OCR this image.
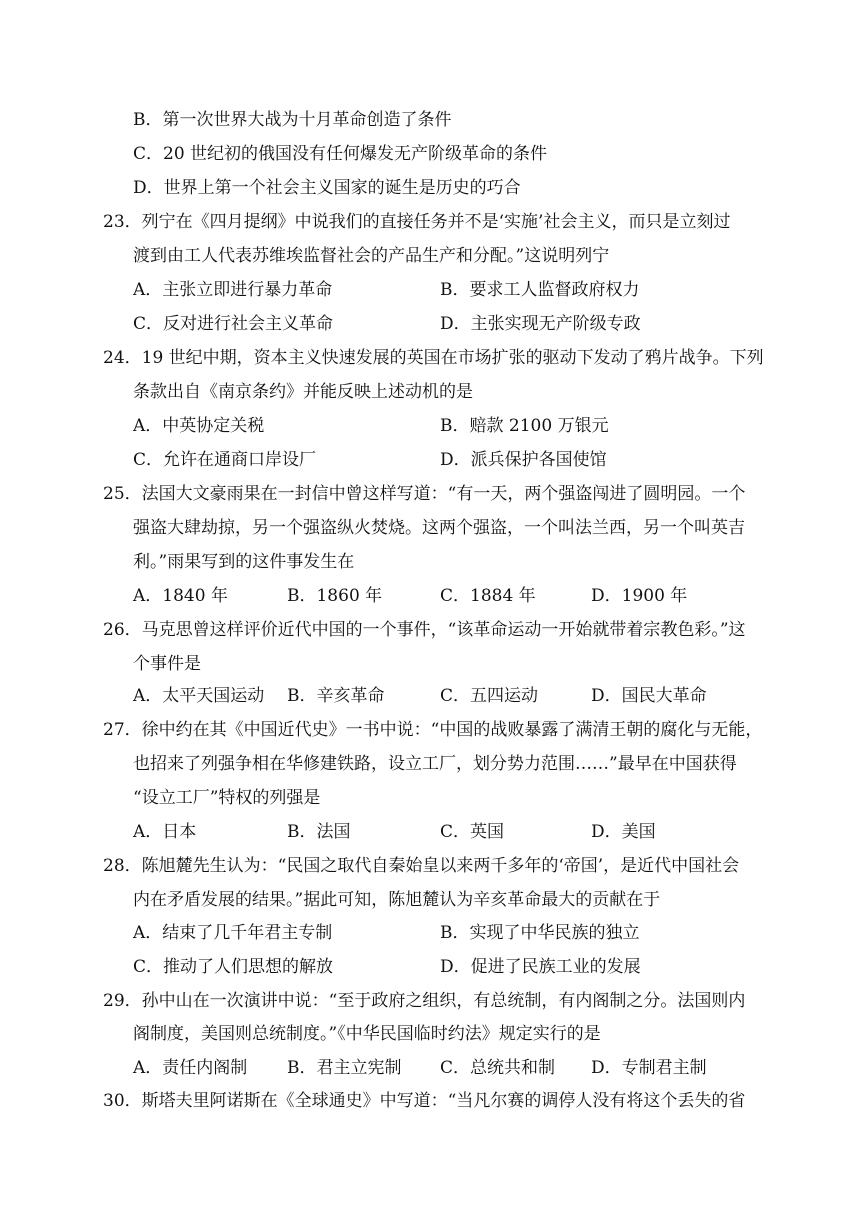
B．第一次世界大战为十月革命创造了条件
C．20 世纪初的俄国没有任何爆发无产阶级革命的条件
D．世界上第一个社会主义国家的诞生是历史的巧合
23．列宁在《四月提纲》中说我们的直接任务并不是‘实施’社会主义，而只是立刻过
渡到由工人代表苏维埃监督社会的产品生产和分配。”这说明列宁
A．主张立即进行暴力革命	B．要求工人监督政府权力
C．反对进行社会主义革命	D．主张实现无产阶级专政
24．19 世纪中期，资本主义快速发展的英国在市场扩张的驱动下发动了鸦片战争。下列
条款出自《南京条约》并能反映上述动机的是
A．中英协定关税	B．赔款 2100 万银元
C．允许在通商口岸设厂	D．派兵保护各国使馆
25．法国大文豪雨果在一封信中曾这样写道：“有一天，两个强盗闯进了圆明园。一个
强盗大肆劫掠，另一个强盗纵火焚烧。这两个强盗，一个叫法兰西，另一个叫英吉
利。”雨果写到的这件事发生在
A．1840 年	B．1860 年	C．1884 年	D．1900 年
26．马克思曾这样评价近代中国的一个事件，“该革命运动一开始就带着宗教色彩。”这
个事件是
A．太平天国运动 B．辛亥革命	C．五四运动	D．国民大革命
27．徐中约在其《中国近代史》一书中说：“中国的战败暴露了满清王朝的腐化与无能，
也招来了列强争相在华修建铁路，设立工厂，划分势力范围……”最早在中国获得
“设立工厂”特权的列强是
A．日本	B．法国	C．英国	D．美国
28．陈旭麓先生认为：“民国之取代自秦始皇以来两千多年的‘帝国’，是近代中国社会
内在矛盾发展的结果。”据此可知，陈旭麓认为辛亥革命最大的贡献在于
A．结束了几千年君主专制	B．实现了中华民族的独立
C．推动了人们思想的解放	D．促进了民族工业的发展
29．孙中山在一次演讲中说：“至于政府之组织，有总统制，有内阁制之分。法国则内
阁制度，美国则总统制度。”《中华民国临时约法》规定实行的是
A．责任内阁制 B．君主立宪制 C．总统共和制 D．专制君主制
30．斯塔夫里阿诺斯在《全球通史》中写道：“当凡尔赛的调停人没有将这个丢失的省
